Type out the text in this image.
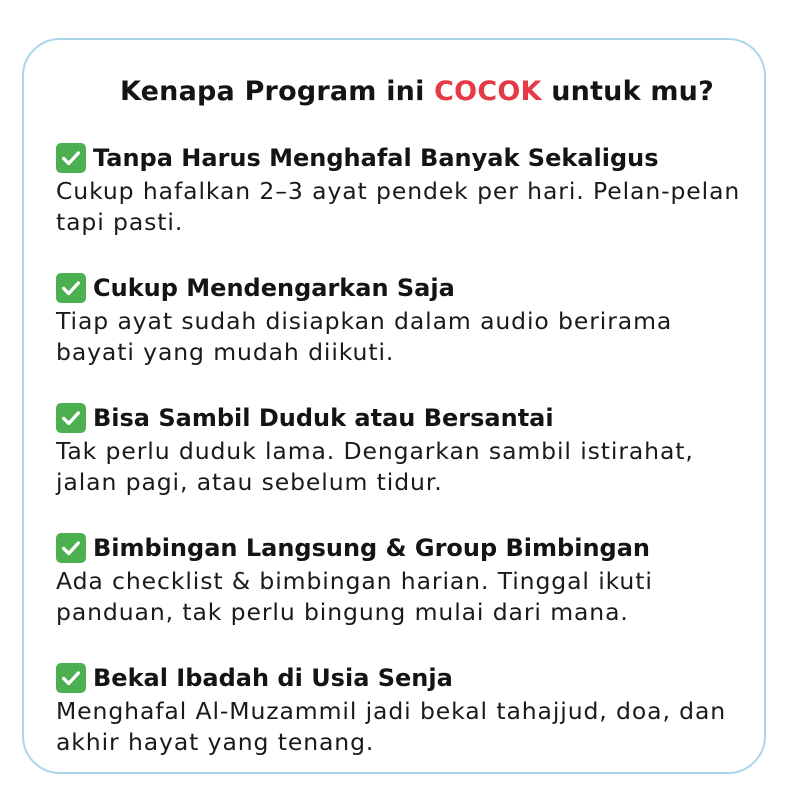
Kenapa Program ini COCOK untuk mu?
Tanpa Harus Menghafal Banyak Sekaligus
Cukup hafalkan 2–3 ayat pendek per hari. Pelan-pelan tapi pasti.
Cukup Mendengarkan Saja
Tiap ayat sudah disiapkan dalam audio berirama bayati yang mudah diikuti.
Bisa Sambil Duduk atau Bersantai
Tak perlu duduk lama. Dengarkan sambil istirahat, jalan pagi, atau sebelum tidur.
Bimbingan Langsung & Group Bimbingan
Ada checklist & bimbingan harian. Tinggal ikuti panduan, tak perlu bingung mulai dari mana.
Bekal Ibadah di Usia Senja
Menghafal Al-Muzammil jadi bekal tahajjud, doa, dan akhir hayat yang tenang.
